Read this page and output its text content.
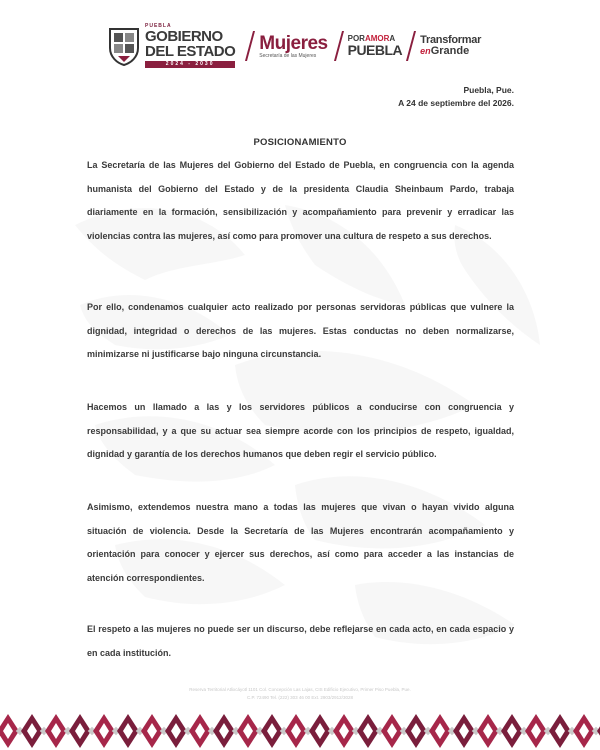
PUEBLA
GOBIERNO
DEL ESTADO
2024 - 2030
Mujeres
Secretaría de las Mujeres
PORAMORA
PUEBLA
Transformar
enGrande
Puebla, Pue.
A 24 de septiembre del 2026.
POSICIONAMIENTO
La Secretaría de las Mujeres del Gobierno del Estado de Puebla, en congruencia con la agenda humanista del Gobierno del Estado y de la presidenta Claudia Sheinbaum Pardo, trabaja diariamente en la formación, sensibilización y acompañamiento para prevenir y erradicar las violencias contra las mujeres, así como para promover una cultura de respeto a sus derechos.
Por ello, condenamos cualquier acto realizado por personas servidoras públicas que vulnere la dignidad, integridad o derechos de las mujeres. Estas conductas no deben normalizarse, minimizarse ni justificarse bajo ninguna circunstancia.
Hacemos un llamado a las y los servidores públicos a conducirse con congruencia y responsabilidad, y a que su actuar sea siempre acorde con los principios de respeto, igualdad, dignidad y garantía de los derechos humanos que deben regir el servicio público.
Asimismo, extendemos nuestra mano a todas las mujeres que vivan o hayan vivido alguna situación de violencia. Desde la Secretaría de las Mujeres encontrarán acompañamiento y orientación para conocer y ejercer sus derechos, así como para acceder a las instancias de atención correspondientes.
El respeto a las mujeres no puede ser un discurso, debe reflejarse en cada acto, en cada espacio y en cada institución.
Reserva Territorial Atlixcáyotl 1101 Col. Concepción Las Lajas, CIS Edificio Ejecutivo, Primer Piso Puebla, Pue.
C.P. 72490 Tel. (222) 303 46 00 Ext. 2903/2912/3028
